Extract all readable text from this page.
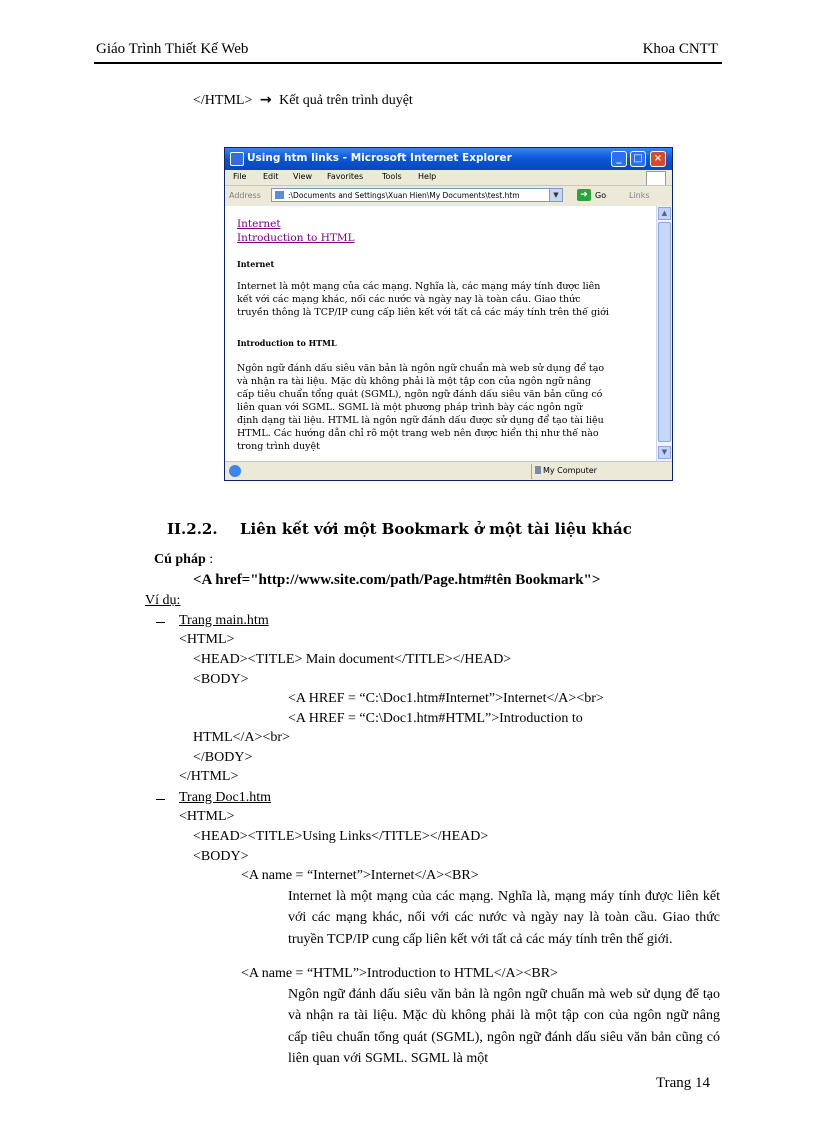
Giáo Trình Thiết Kế Web	Khoa CNTT
</HTML> → Kết quả trên trình duyệt
Using htm links - Microsoft Internet Explorer	_	□	×
File Edit View Favorites Tools Help
Address	:\Documents and Settings\Xuan Hien\My Documents\test.htm	▼	➜ Go	Links
Internet
Introduction to HTML
Internet
Internet là một mạng của các mạng. Nghĩa là, các mạng máy tính được liên
kết với các mạng khác, nối các nước và ngày nay là toàn cầu. Giao thức
truyền thông là TCP/IP cung cấp liên kết với tất cả các máy tính trên thế giới
Introduction to HTML
Ngôn ngữ đánh dấu siêu văn bản là ngôn ngữ chuẩn mà web sử dụng để tạo
và nhận ra tài liệu. Mặc dù không phải là một tập con của ngôn ngữ nâng
cấp tiêu chuẩn tổng quát (SGML), ngôn ngữ đánh dấu siêu văn bản cũng có
liên quan với SGML. SGML là một phương pháp trình bày các ngôn ngữ
định dạng tài liệu. HTML là ngôn ngữ đánh dấu được sử dụng để tạo tài liệu
HTML. Các hướng dẫn chỉ rõ một trang web nên được hiển thị như thế nào
trong trình duyệt
▲
▼
My Computer
II.2.2. Liên kết với một Bookmark ở một tài liệu khác
Cú pháp :
<A href="http://www.site.com/path/Page.htm#tên Bookmark">
Ví dụ:
Trang main.htm
<HTML>
<HEAD><TITLE> Main document</TITLE></HEAD>
<BODY>
<A HREF = “C:\Doc1.htm#Internet”>Internet</A><br>
<A HREF = “C:\Doc1.htm#HTML”>Introduction to
HTML</A><br>
</BODY>
</HTML>
Trang Doc1.htm
<HTML>
<HEAD><TITLE>Using Links</TITLE></HEAD>
<BODY>
<A name = “Internet”>Internet</A><BR>
Internet là một mạng của các mạng. Nghĩa là, mạng máy tính được liên kết với các mạng khác, nối với các nước và ngày nay là toàn cầu. Giao thức truyền TCP/IP cung cấp liên kết với tất cả các máy tính trên thế giới.
<A name = “HTML”>Introduction to HTML</A><BR>
Ngôn ngữ đánh dấu siêu văn bản là ngôn ngữ chuẩn mà web sử dụng để tạo và nhận ra tài liệu. Mặc dù không phải là một tập con của ngôn ngữ nâng cấp tiêu chuẩn tổng quát (SGML), ngôn ngữ đánh dấu siêu văn bản cũng có liên quan với SGML. SGML là một
Trang 14
